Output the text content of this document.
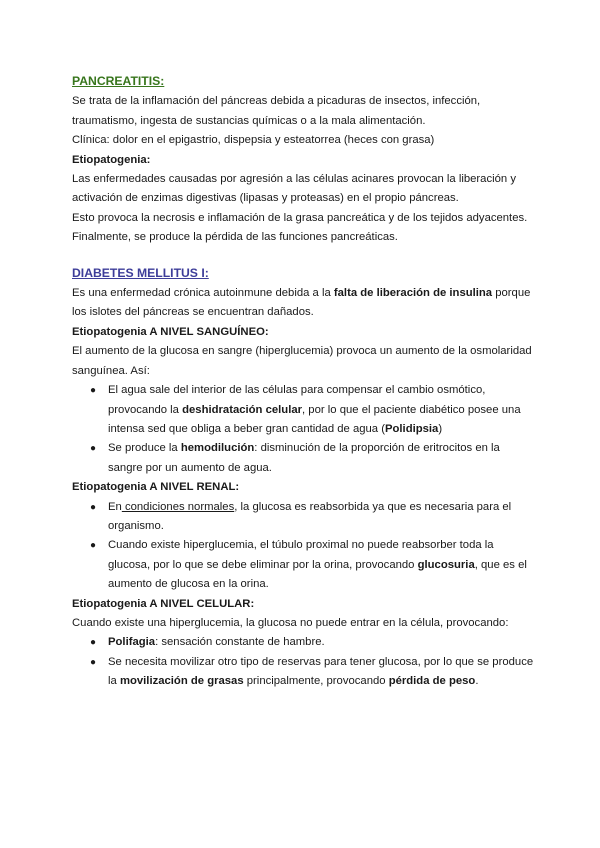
PANCREATITIS:

Se trata de la inflamación del páncreas debida a picaduras de insectos, infección,

traumatismo, ingesta de sustancias químicas o a la mala alimentación.

Clínica: dolor en el epigastrio, dispepsia y esteatorrea (heces con grasa)

Etiopatogenia:

Las enfermedades causadas por agresión a las células acinares provocan la liberación y

activación de enzimas digestivas (lipasas y proteasas) en el propio páncreas.

Esto provoca la necrosis e inflamación de la grasa pancreática y de los tejidos adyacentes.

Finalmente, se produce la pérdida de las funciones pancreáticas.

DIABETES MELLITUS I:

Es una enfermedad crónica autoinmune debida a la falta de liberación de insulina porque

los islotes del páncreas se encuentran dañados.

Etiopatogenia A NIVEL SANGUÍNEO:

El aumento de la glucosa en sangre (hiperglucemia) provoca un aumento de la osmolaridad

sanguínea. Así:

● El agua sale del interior de las células para compensar el cambio osmótico,

provocando la deshidratación celular, por lo que el paciente diabético posee una

intensa sed que obliga a beber gran cantidad de agua (Polidipsia)

● Se produce la hemodilución: disminución de la proporción de eritrocitos en la

sangre por un aumento de agua.

Etiopatogenia A NIVEL RENAL:

● En condiciones normales, la glucosa es reabsorbida ya que es necesaria para el

organismo.

● Cuando existe hiperglucemia, el túbulo proximal no puede reabsorber toda la

glucosa, por lo que se debe eliminar por la orina, provocando glucosuria, que es el

aumento de glucosa en la orina.

Etiopatogenia A NIVEL CELULAR:

Cuando existe una hiperglucemia, la glucosa no puede entrar en la célula, provocando:

● Polifagia: sensación constante de hambre.

● Se necesita movilizar otro tipo de reservas para tener glucosa, por lo que se produce

la movilización de grasas principalmente, provocando pérdida de peso.
